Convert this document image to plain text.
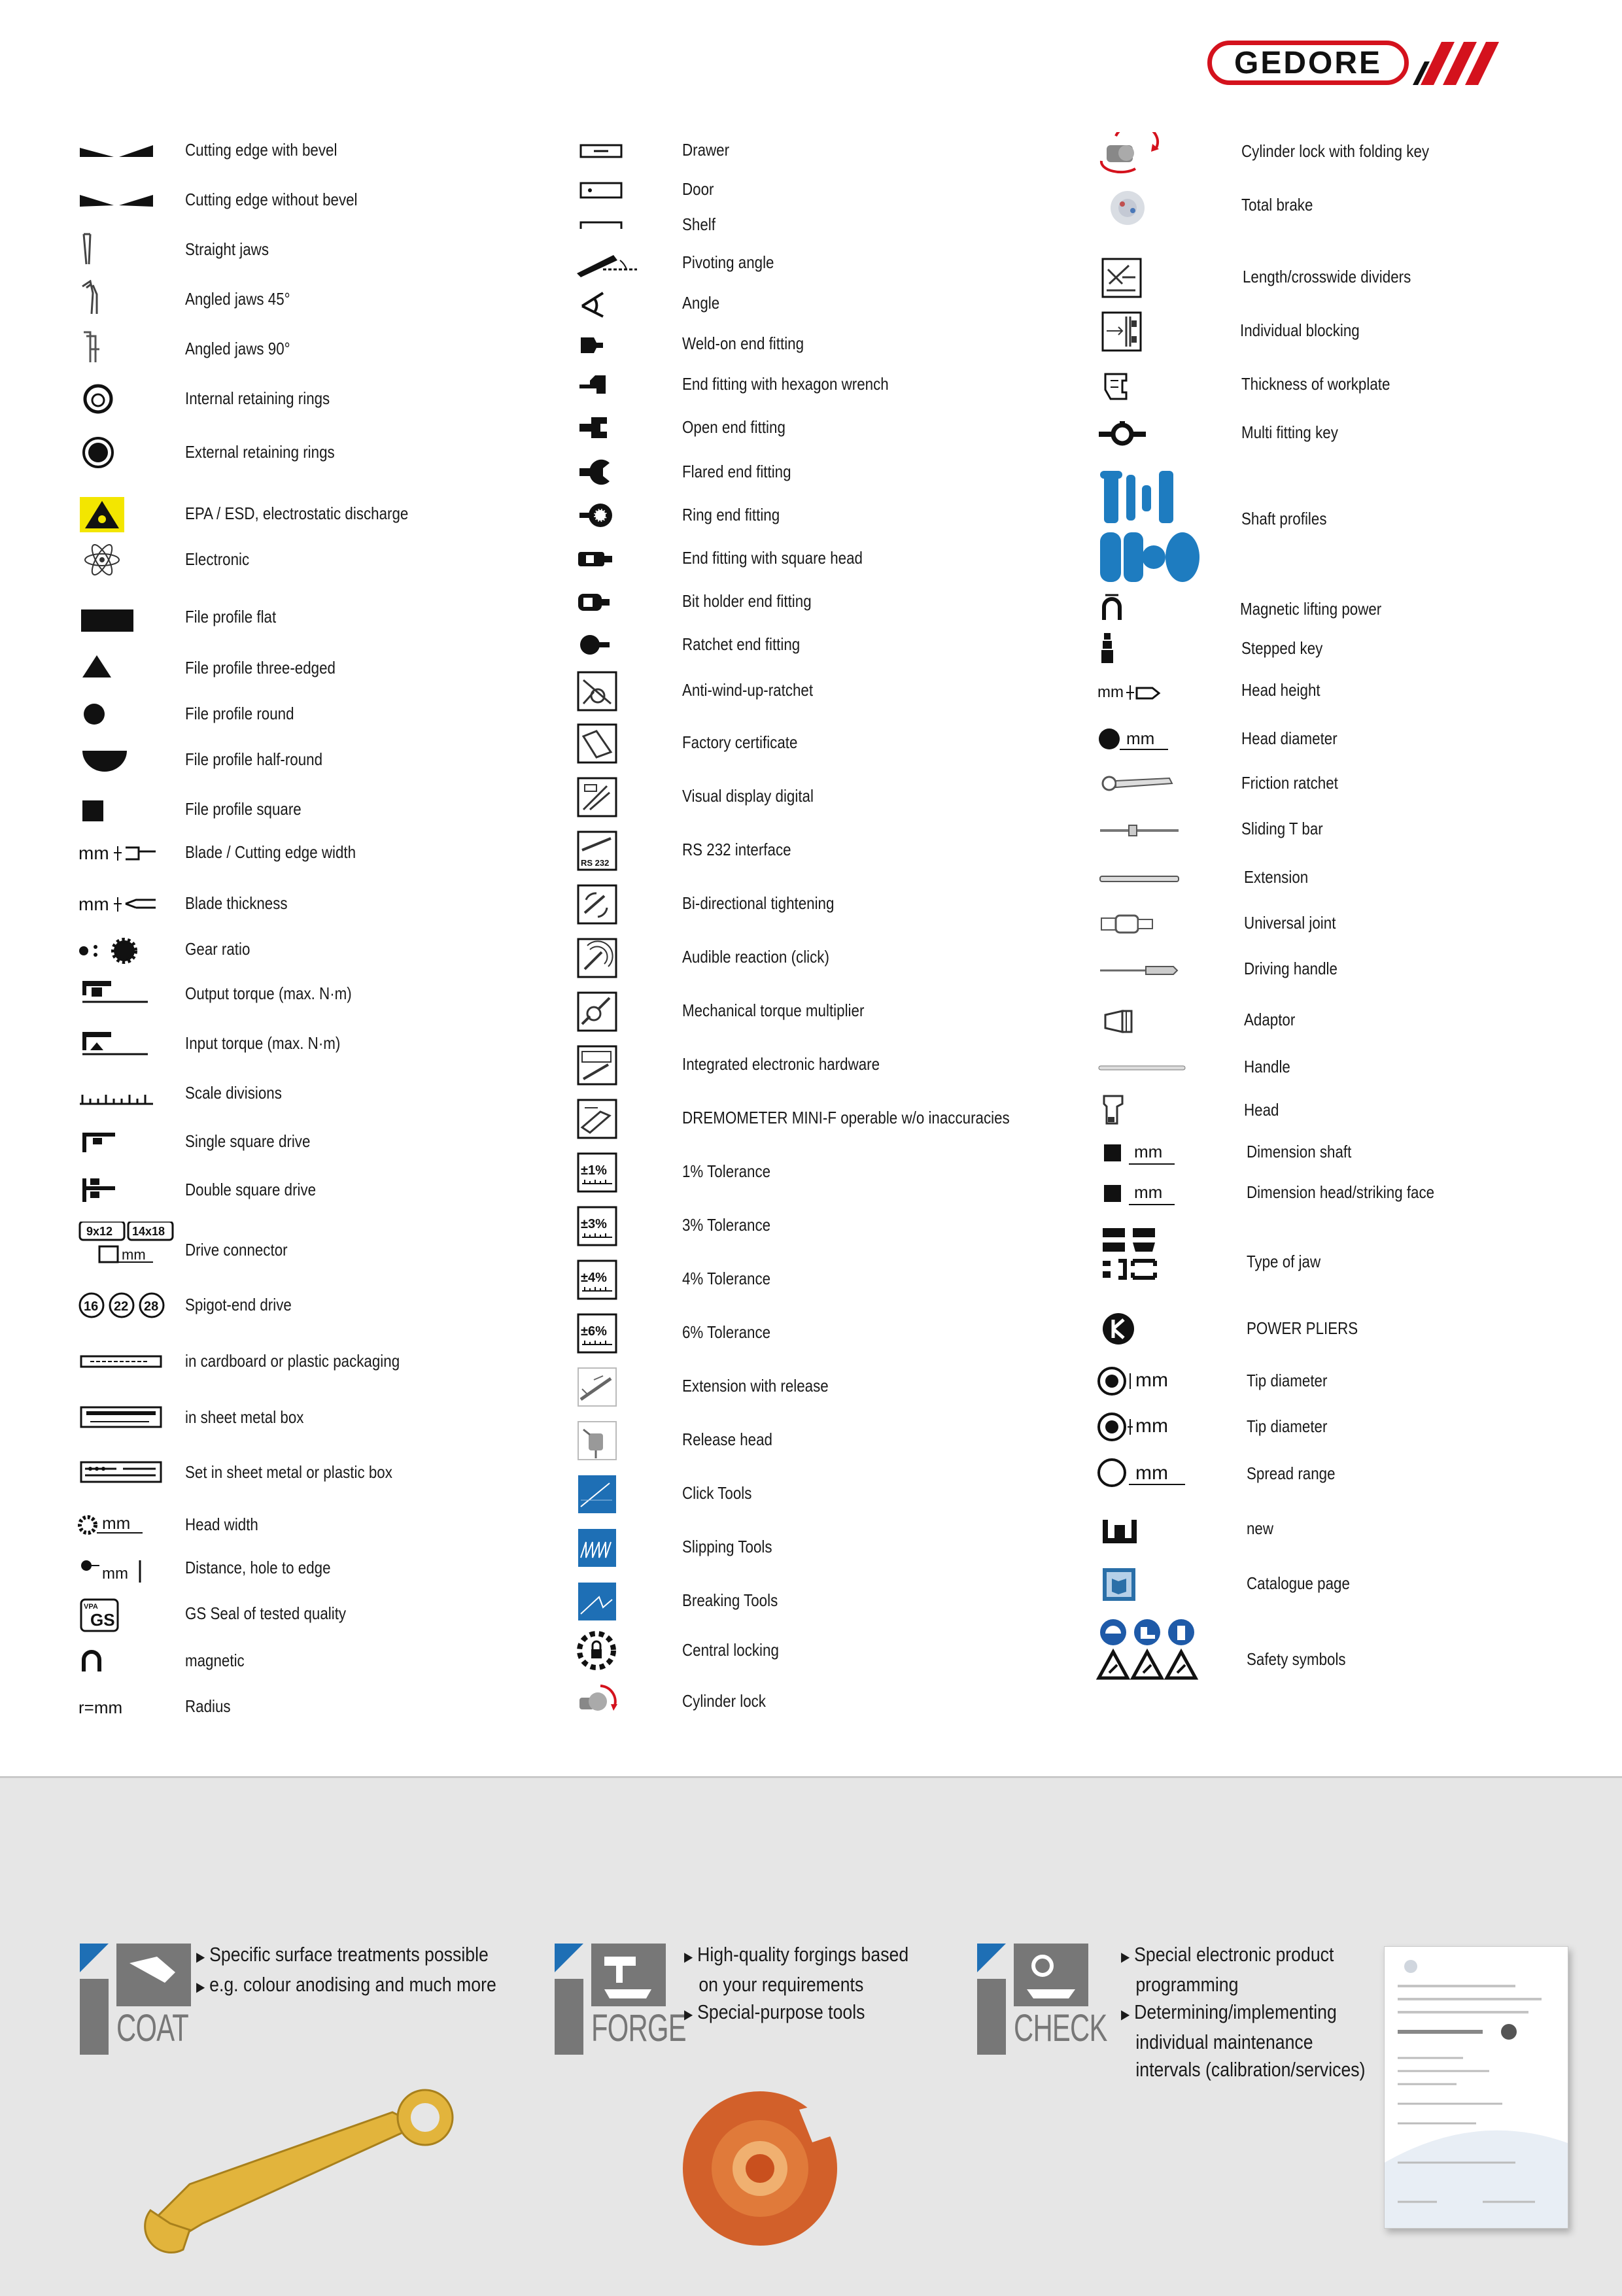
GEDORE
Cutting edge with bevel
Cutting edge without bevel
Straight jaws
Angled jaws 45°
Angled jaws 90°
Internal retaining rings
External retaining rings
EPA / ESD, electrostatic discharge
Electronic
File profile flat
File profile three-edged
File profile round
File profile half-round
File profile square
mm	Blade / Cutting edge width
mm	Blade thickness
Gear ratio
Output torque (max. N·m)
Input torque (max. N·m)
Scale divisions
Single square drive
Double square drive
9x12 14x18
mm Drive connector
16 22 28 Spigot-end drive
in cardboard or plastic packaging
in sheet metal box
Set in sheet metal or plastic box
mm	Head width
mm	Distance, hole to edge
VPA
GS	GS Seal of tested quality
magnetic
r=mm	Radius
Drawer
Door
Shelf
Pivoting angle
Angle
Weld-on end fitting
End fitting with hexagon wrench
Open end fitting
Flared end fitting
Ring end fitting
End fitting with square head
Bit holder end fitting
Ratchet end fitting
Anti-wind-up-ratchet
Factory certificate
Visual display digital
RS 232
RS 232 interface
Bi-directional tightening
Audible reaction (click)
Mechanical torque multiplier
Integrated electronic hardware
DREMOMETER MINI-F operable w/o inaccuracies
±1%	1% Tolerance
±3%	3% Tolerance
±4%	4% Tolerance
±6%	6% Tolerance
Extension with release
Release head
Click Tools
Slipping Tools
Breaking Tools
Central locking
Cylinder lock
Cylinder lock with folding key
Total brake
Length/crosswide dividers
Individual blocking
Thickness of workplate
Multi fitting key
Shaft profiles
Magnetic lifting power
Stepped key
mm	Head height
mm	Head diameter
Friction ratchet
Sliding T bar
Extension
Universal joint
Driving handle
Adaptor
Handle
Head
mm	Dimension shaft
mm	Dimension head/striking face
Type of jaw
POWER PLIERS
mm	Tip diameter
mm	Tip diameter
mm	Spread range
new
Catalogue page
Safety symbols
COAT
▶ Specific surface treatments possible
▶ e.g. colour anodising and much more
FORGE
▶ High-quality forgings based
on your requirements
▶ Special-purpose tools	CHECK
▶ Special electronic product
programming
▶ Determining/implementing
individual maintenance
intervals (calibration/services)
